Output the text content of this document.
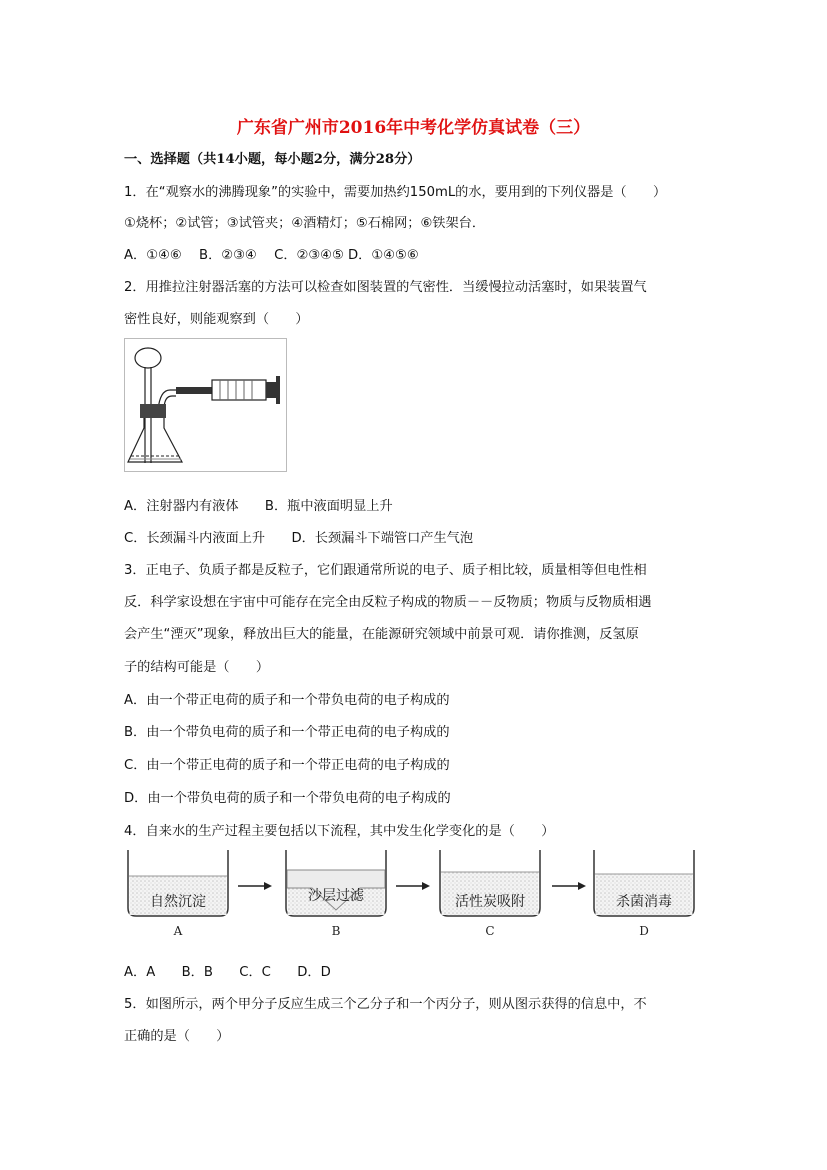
广东省广州市2016年中考化学仿真试卷（三）
一、选择题（共14小题，每小题2分，满分28分）
1．在“观察水的沸腾现象”的实验中，需要加热约150mL的水，要用到的下列仪器是（　　）
①烧杯；②试管；③试管夹；④酒精灯；⑤石棉网；⑥铁架台．
A．①④⑥　 B．②③④　 C．②③④⑤ D．①④⑤⑥
2．用推拉注射器活塞的方法可以检查如图装置的气密性．当缓慢拉动活塞时，如果装置气
密性良好，则能观察到（　　）
A．注射器内有液体　　B．瓶中液面明显上升
C．长颈漏斗内液面上升　　D．长颈漏斗下端管口产生气泡
3．正电子、负质子都是反粒子，它们跟通常所说的电子、质子相比较，质量相等但电性相
反．科学家设想在宇宙中可能存在完全由反粒子构成的物质－－反物质；物质与反物质相遇
会产生“湮灭”现象，释放出巨大的能量，在能源研究领域中前景可观．请你推测，反氢原
子的结构可能是（　　）
A．由一个带正电荷的质子和一个带负电荷的电子构成的
B．由一个带负电荷的质子和一个带正电荷的电子构成的
C．由一个带正电荷的质子和一个带正电荷的电子构成的
D．由一个带负电荷的质子和一个带负电荷的电子构成的
4．自来水的生产过程主要包括以下流程，其中发生化学变化的是（　　）
自然沉淀
A
沙层过滤
B
活性炭吸附
C
杀菌消毒
D
A．A　　B．B　　C．C　　D．D
5．如图所示，两个甲分子反应生成三个乙分子和一个丙分子，则从图示获得的信息中，不
正确的是（　　）
